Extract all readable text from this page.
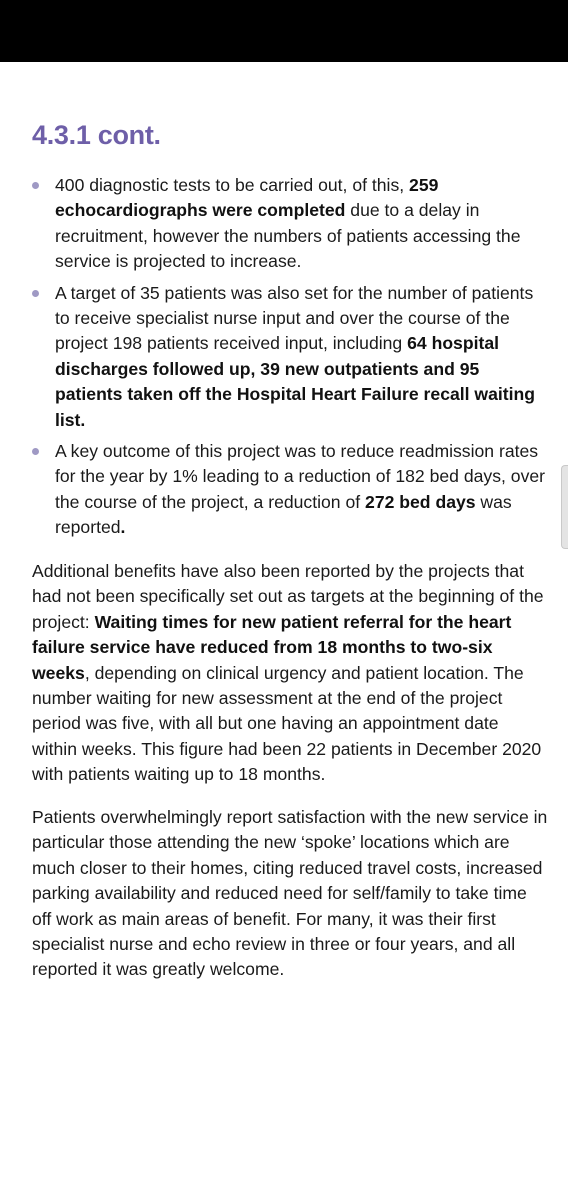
4.3.1 cont.
400 diagnostic tests to be carried out, of this, 259 echocardiographs were completed due to a delay in recruitment, however the numbers of patients accessing the service is projected to increase.
A target of 35 patients was also set for the number of patients to receive specialist nurse input and over the course of the project 198 patients received input, including 64 hospital discharges followed up, 39 new outpatients and 95 patients taken off the Hospital Heart Failure recall waiting list.
A key outcome of this project was to reduce readmission rates for the year by 1% leading to a reduction of 182 bed days, over the course of the project, a reduction of 272 bed days was reported.

Additional benefits have also been reported by the projects that had not been specifically set out as targets at the beginning of the project: Waiting times for new patient referral for the heart failure service have reduced from 18 months to two-six weeks, depending on clinical urgency and patient location. The number waiting for new assessment at the end of the project period was five, with all but one having an appointment date within weeks. This figure had been 22 patients in December 2020 with patients waiting up to 18 months.

Patients overwhelmingly report satisfaction with the new service in particular those attending the new ‘spoke’ locations which are much closer to their homes, citing reduced travel costs, increased parking availability and reduced need for self/family to take time off work as main areas of benefit. For many, it was their first specialist nurse and echo review in three or four years, and all reported it was greatly welcome.
